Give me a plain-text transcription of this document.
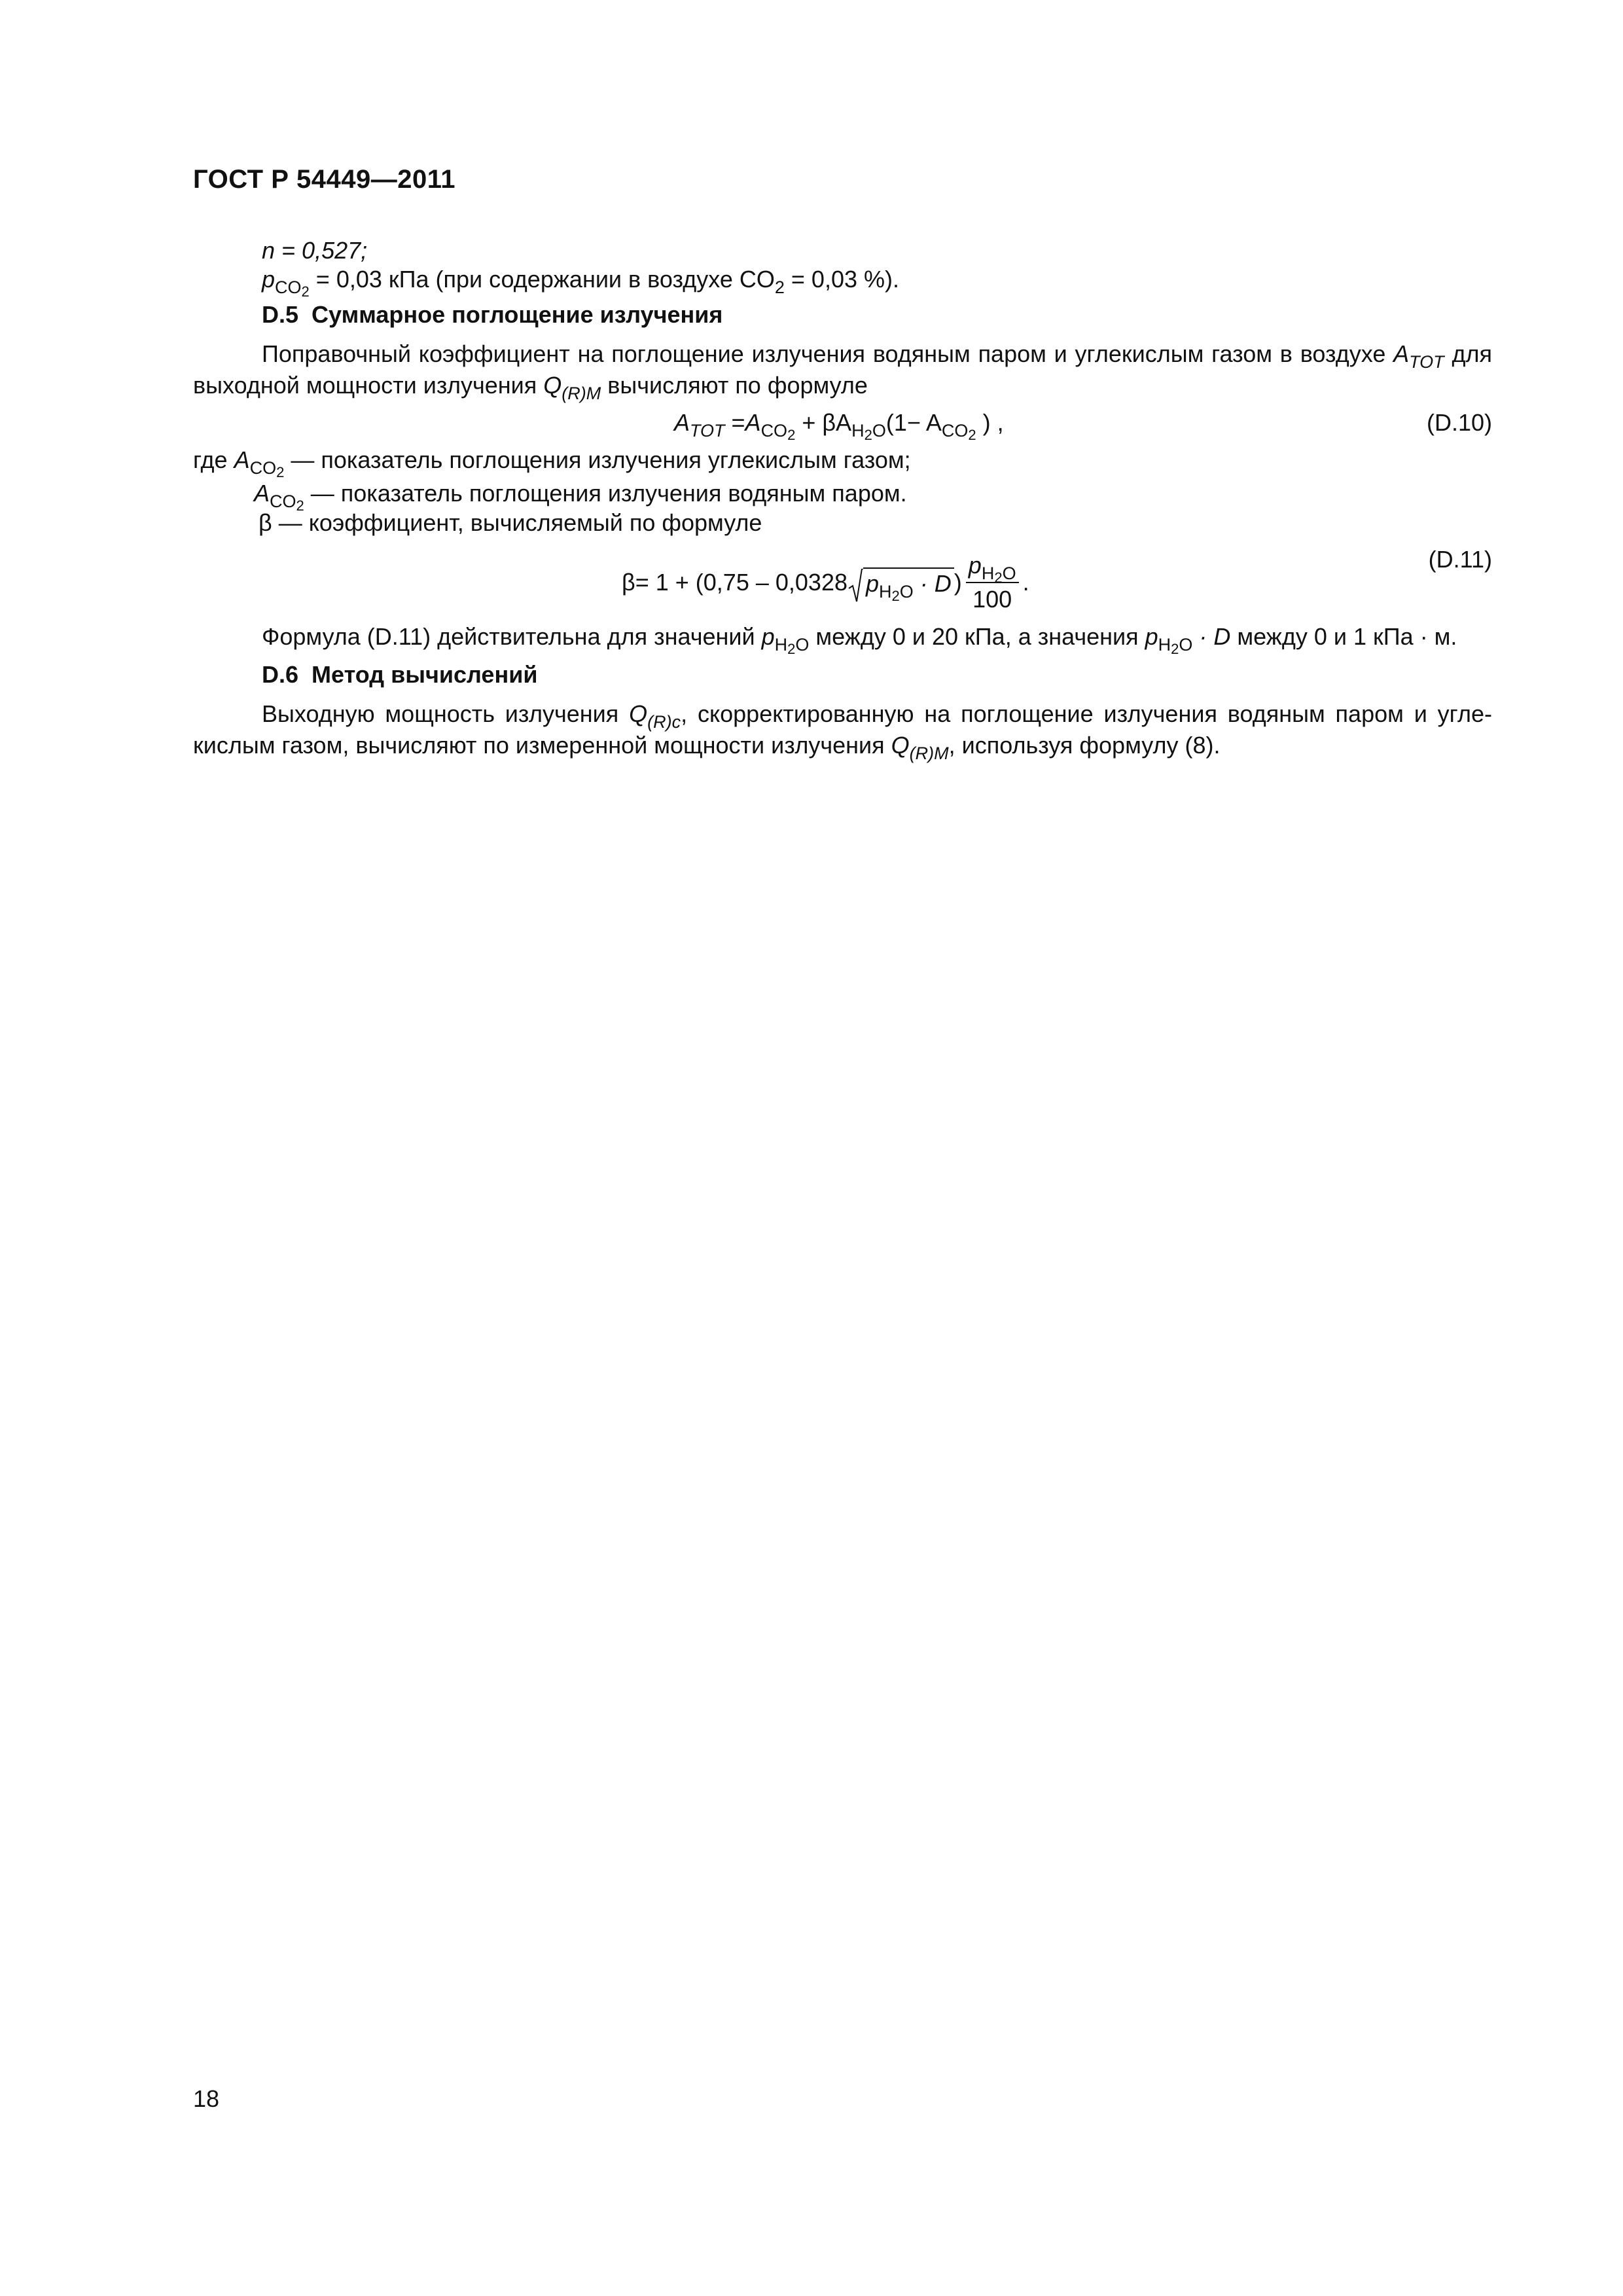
ГОСТ Р 54449—2011
n = 0,527;
$p_{CO2} = 0,03$ кПа (при содержании в воздухе $CO_2 = 0,03$ %).
D.5 Суммарное поглощение излучения
Поправочный коэффициент на поглощение излучения водяным паром и углекислым газом в воздухе $A_{TOT}$ для
выходной мощности излучения $Q_{(R)M}$ вычисляют по формуле
$A_{TOT} =A_{CO2} + \beta A_{H2O}(1- A_{CO2}$ ) ,	(D.10)
где $A_{CO2}$ — показатель поглощения излучения углекислым газом;
$A_{CO2}$ — показатель поглощения излучения водяным паром.
β — коэффициент, вычисляемый по формуле
β = 1 + (0,75 – 0,0328 $p_{H2O} \cdot D$ ) $\frac{p_{H2O}}{100}$ .
(D.11)
Формула (D.11) действительна для значений $p_{H2O}$ между 0 и 20 кПа, а значения $p_{H2O} \cdot D$ между 0 и 1 кПа · м.
D.6 Метод вычислений
Выходную мощность излучения $Q_{(R)c}$, скорректированную на поглощение излучения водяным паром и угле-
кислым газом, вычисляют по измеренной мощности излучения $Q_{(R)M}$, используя формулу (8).
18
